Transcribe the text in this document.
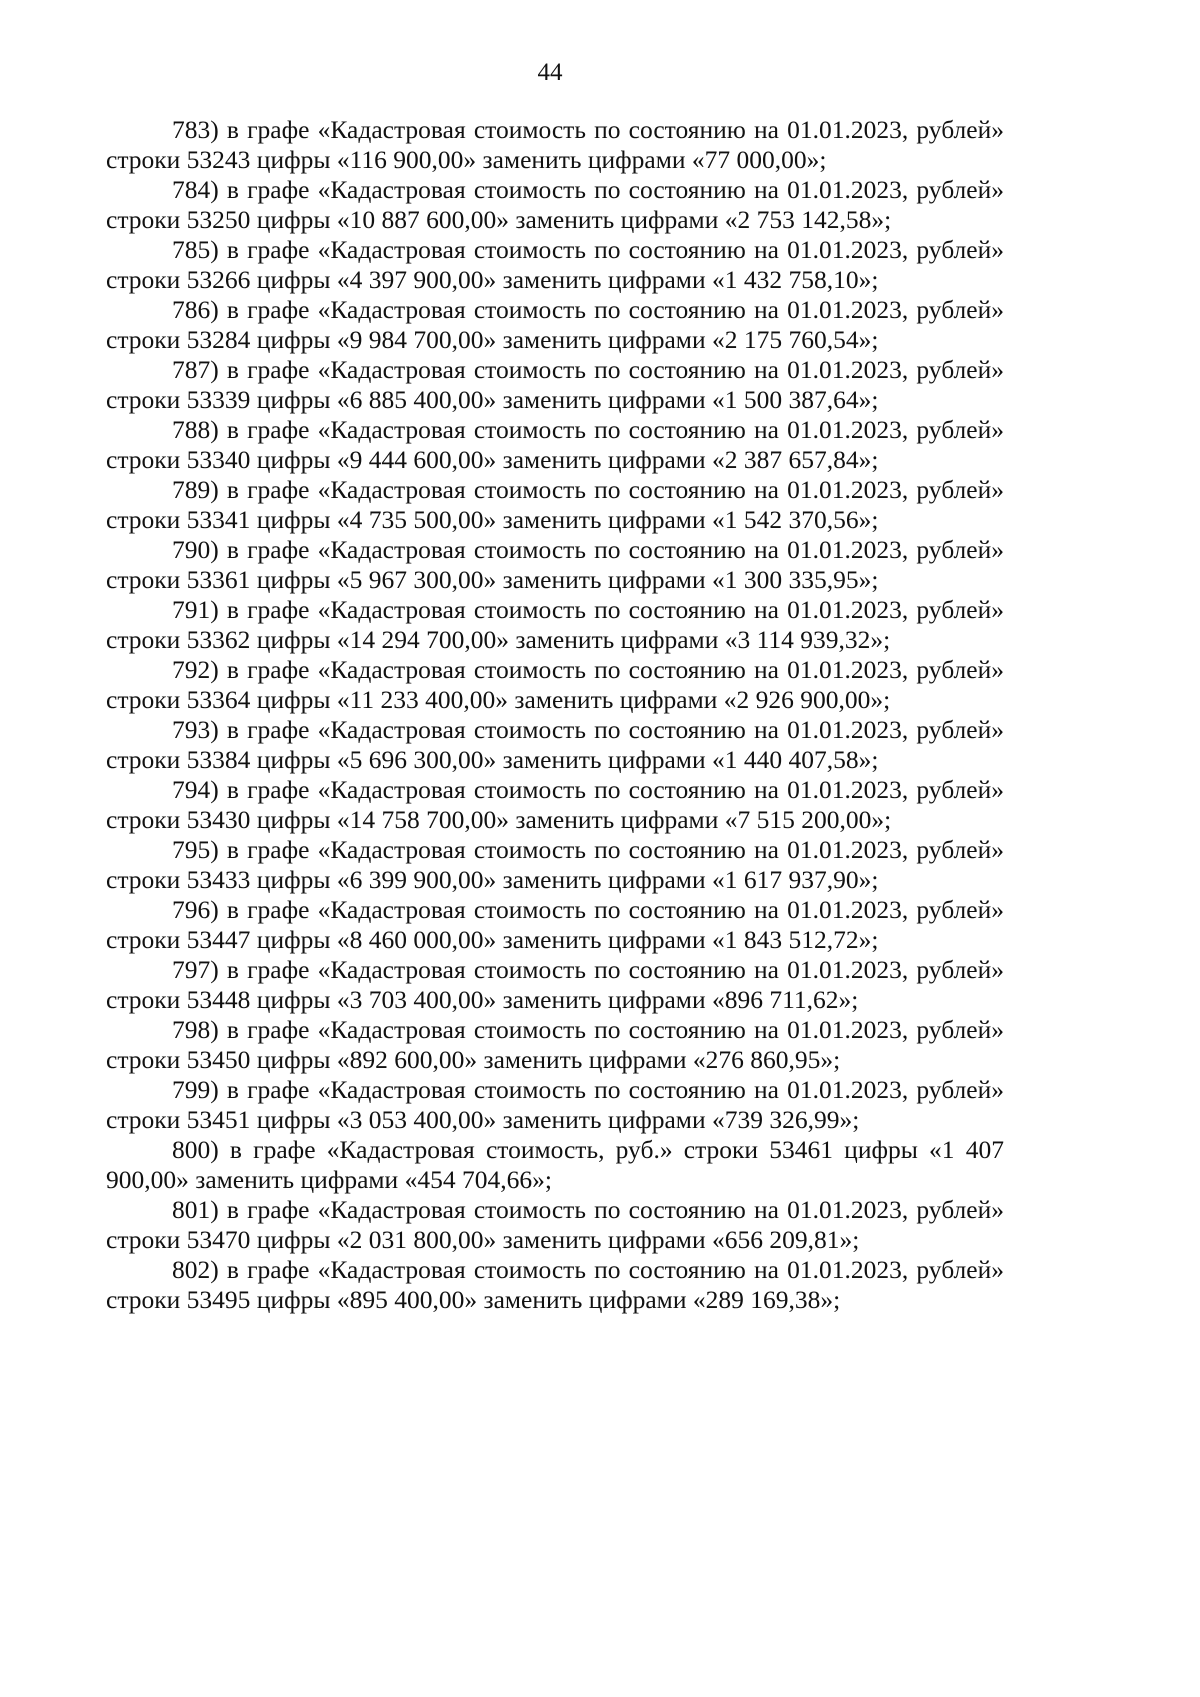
44

783) в графе «Кадастровая стоимость по состоянию на 01.01.2023, рублей» строки 53243 цифры «116 900,00» заменить цифрами «77 000,00»;

784) в графе «Кадастровая стоимость по состоянию на 01.01.2023, рублей» строки 53250 цифры «10 887 600,00» заменить цифрами «2 753 142,58»;

785) в графе «Кадастровая стоимость по состоянию на 01.01.2023, рублей» строки 53266 цифры «4 397 900,00» заменить цифрами «1 432 758,10»;

786) в графе «Кадастровая стоимость по состоянию на 01.01.2023, рублей» строки 53284 цифры «9 984 700,00» заменить цифрами «2 175 760,54»;

787) в графе «Кадастровая стоимость по состоянию на 01.01.2023, рублей» строки 53339 цифры «6 885 400,00» заменить цифрами «1 500 387,64»;

788) в графе «Кадастровая стоимость по состоянию на 01.01.2023, рублей» строки 53340 цифры «9 444 600,00» заменить цифрами «2 387 657,84»;

789) в графе «Кадастровая стоимость по состоянию на 01.01.2023, рублей» строки 53341 цифры «4 735 500,00» заменить цифрами «1 542 370,56»;

790) в графе «Кадастровая стоимость по состоянию на 01.01.2023, рублей» строки 53361 цифры «5 967 300,00» заменить цифрами «1 300 335,95»;

791) в графе «Кадастровая стоимость по состоянию на 01.01.2023, рублей» строки 53362 цифры «14 294 700,00» заменить цифрами «3 114 939,32»;

792) в графе «Кадастровая стоимость по состоянию на 01.01.2023, рублей» строки 53364 цифры «11 233 400,00» заменить цифрами «2 926 900,00»;

793) в графе «Кадастровая стоимость по состоянию на 01.01.2023, рублей» строки 53384 цифры «5 696 300,00» заменить цифрами «1 440 407,58»;

794) в графе «Кадастровая стоимость по состоянию на 01.01.2023, рублей» строки 53430 цифры «14 758 700,00» заменить цифрами «7 515 200,00»;

795) в графе «Кадастровая стоимость по состоянию на 01.01.2023, рублей» строки 53433 цифры «6 399 900,00» заменить цифрами «1 617 937,90»;

796) в графе «Кадастровая стоимость по состоянию на 01.01.2023, рублей» строки 53447 цифры «8 460 000,00» заменить цифрами «1 843 512,72»;

797) в графе «Кадастровая стоимость по состоянию на 01.01.2023, рублей» строки 53448 цифры «3 703 400,00» заменить цифрами «896 711,62»;

798) в графе «Кадастровая стоимость по состоянию на 01.01.2023, рублей» строки 53450 цифры «892 600,00» заменить цифрами «276 860,95»;

799) в графе «Кадастровая стоимость по состоянию на 01.01.2023, рублей» строки 53451 цифры «3 053 400,00» заменить цифрами «739 326,99»;

800) в графе «Кадастровая стоимость, руб.» строки 53461 цифры «1 407 900,00» заменить цифрами «454 704,66»;

801) в графе «Кадастровая стоимость по состоянию на 01.01.2023, рублей» строки 53470 цифры «2 031 800,00» заменить цифрами «656 209,81»;

802) в графе «Кадастровая стоимость по состоянию на 01.01.2023, рублей» строки 53495 цифры «895 400,00» заменить цифрами «289 169,38»;
